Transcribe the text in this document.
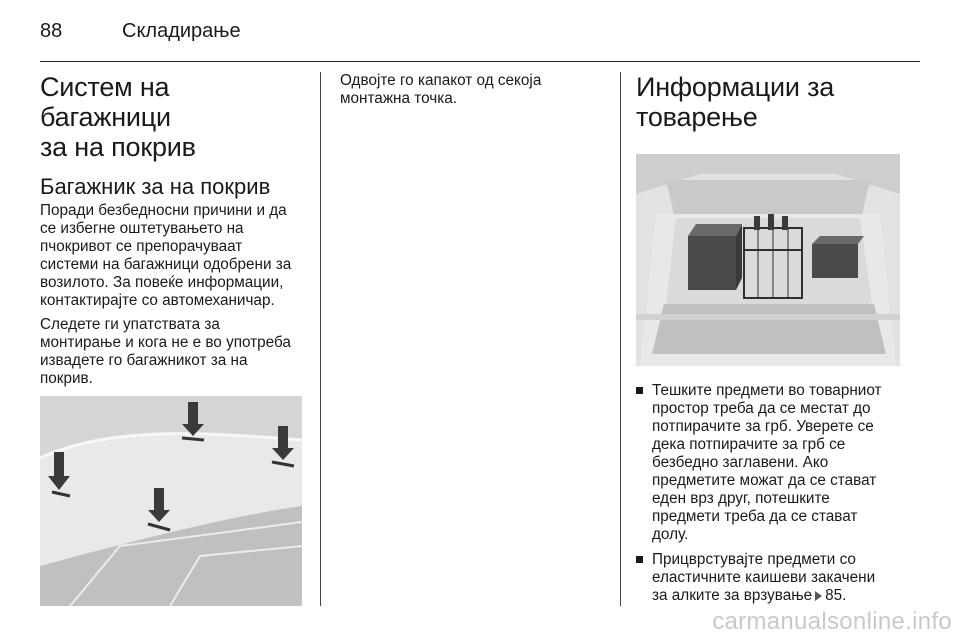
88	Складирање
Систем на багажници
за на покрив
Багажник за на покрив

Поради безбедносни причини и да
се избегне оштетувањето на
пчокривот се препорачуваат
системи на багажници одобрени за
возилото. За повеќе информации,
контактирајте со автомеханичар.

Следете ги упатствата за
монтирање и кога не е во употреба
извадете го багажникот за на
покрив.

Одвојте го капакот од секоја
монтажна точка.	Информации за
товарење
Тешките предмети во товарниот
простор треба да се местат до
потпирачите за грб. Уверете се
дека потпирачите за грб се
безбедно заглавени. Ако
предметите можат да се стават
еден врз друг, потешките
предмети треба да се стават
долу.
Прицврстувајте предмети со
еластичните каишеви закачени
за алките за врзување 85.
carmanualsonline.info
